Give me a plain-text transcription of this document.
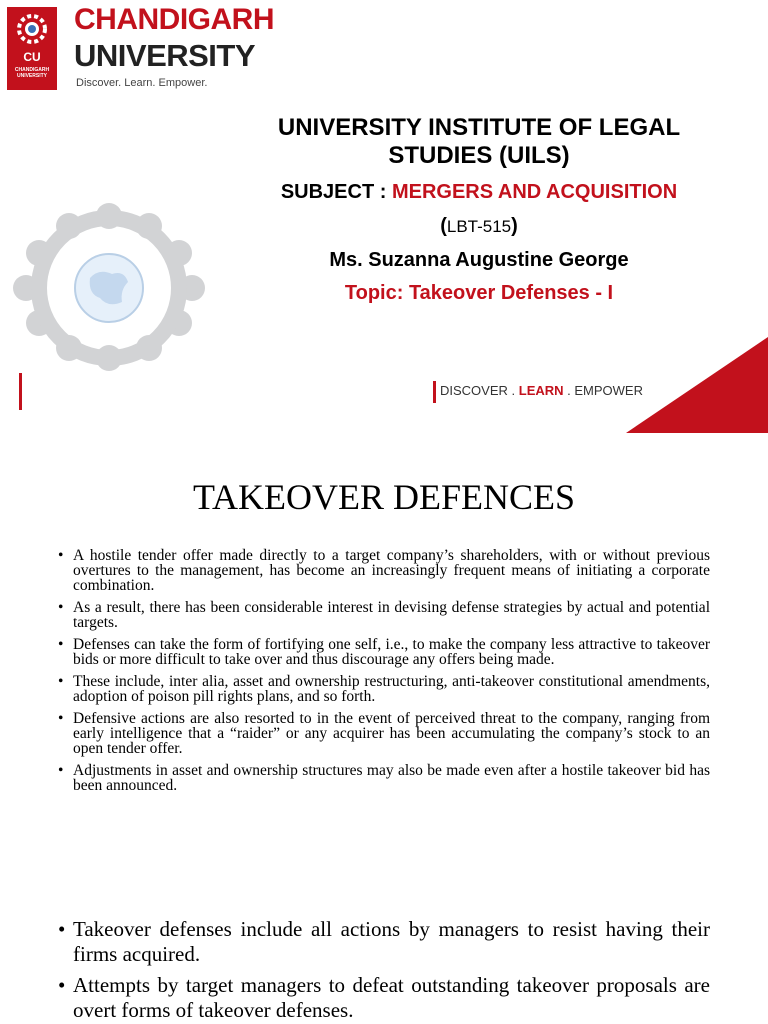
CU
CHANDIGARH
UNIVERSITY
CHANDIGARH
UNIVERSITY
Discover. Learn. Empower.
UNIVERSITY INSTITUTE OF LEGAL
STUDIES (UILS)
SUBJECT : MERGERS AND ACQUISITION
(LBT-515)
Ms. Suzanna Augustine George
Topic: Takeover Defenses - I
DISCOVER . LEARN . EMPOWER
TAKEOVER DEFENCES
• A hostile tender offer made directly to a target company’s shareholders, with or without previous overtures to the management, has become an increasingly frequent means of initiating a corporate combination.
• As a result, there has been considerable interest in devising defense strategies by actual and potential targets.
• Defenses can take the form of fortifying one self, i.e., to make the company less attractive to takeover bids or more difficult to take over and thus discourage any offers being made.
• These include, inter alia, asset and ownership restructuring, anti-takeover constitutional amendments, adoption of poison pill rights plans, and so forth.
• Defensive actions are also resorted to in the event of perceived threat to the company, ranging from early intelligence that a “raider” or any acquirer has been accumulating the company’s stock to an open tender offer.
• Adjustments in asset and ownership structures may also be made even after a hostile takeover bid has been announced.
• Takeover defenses include all actions by managers to resist having their firms acquired.
• Attempts by target managers to defeat outstanding takeover proposals are overt forms of takeover defenses.
